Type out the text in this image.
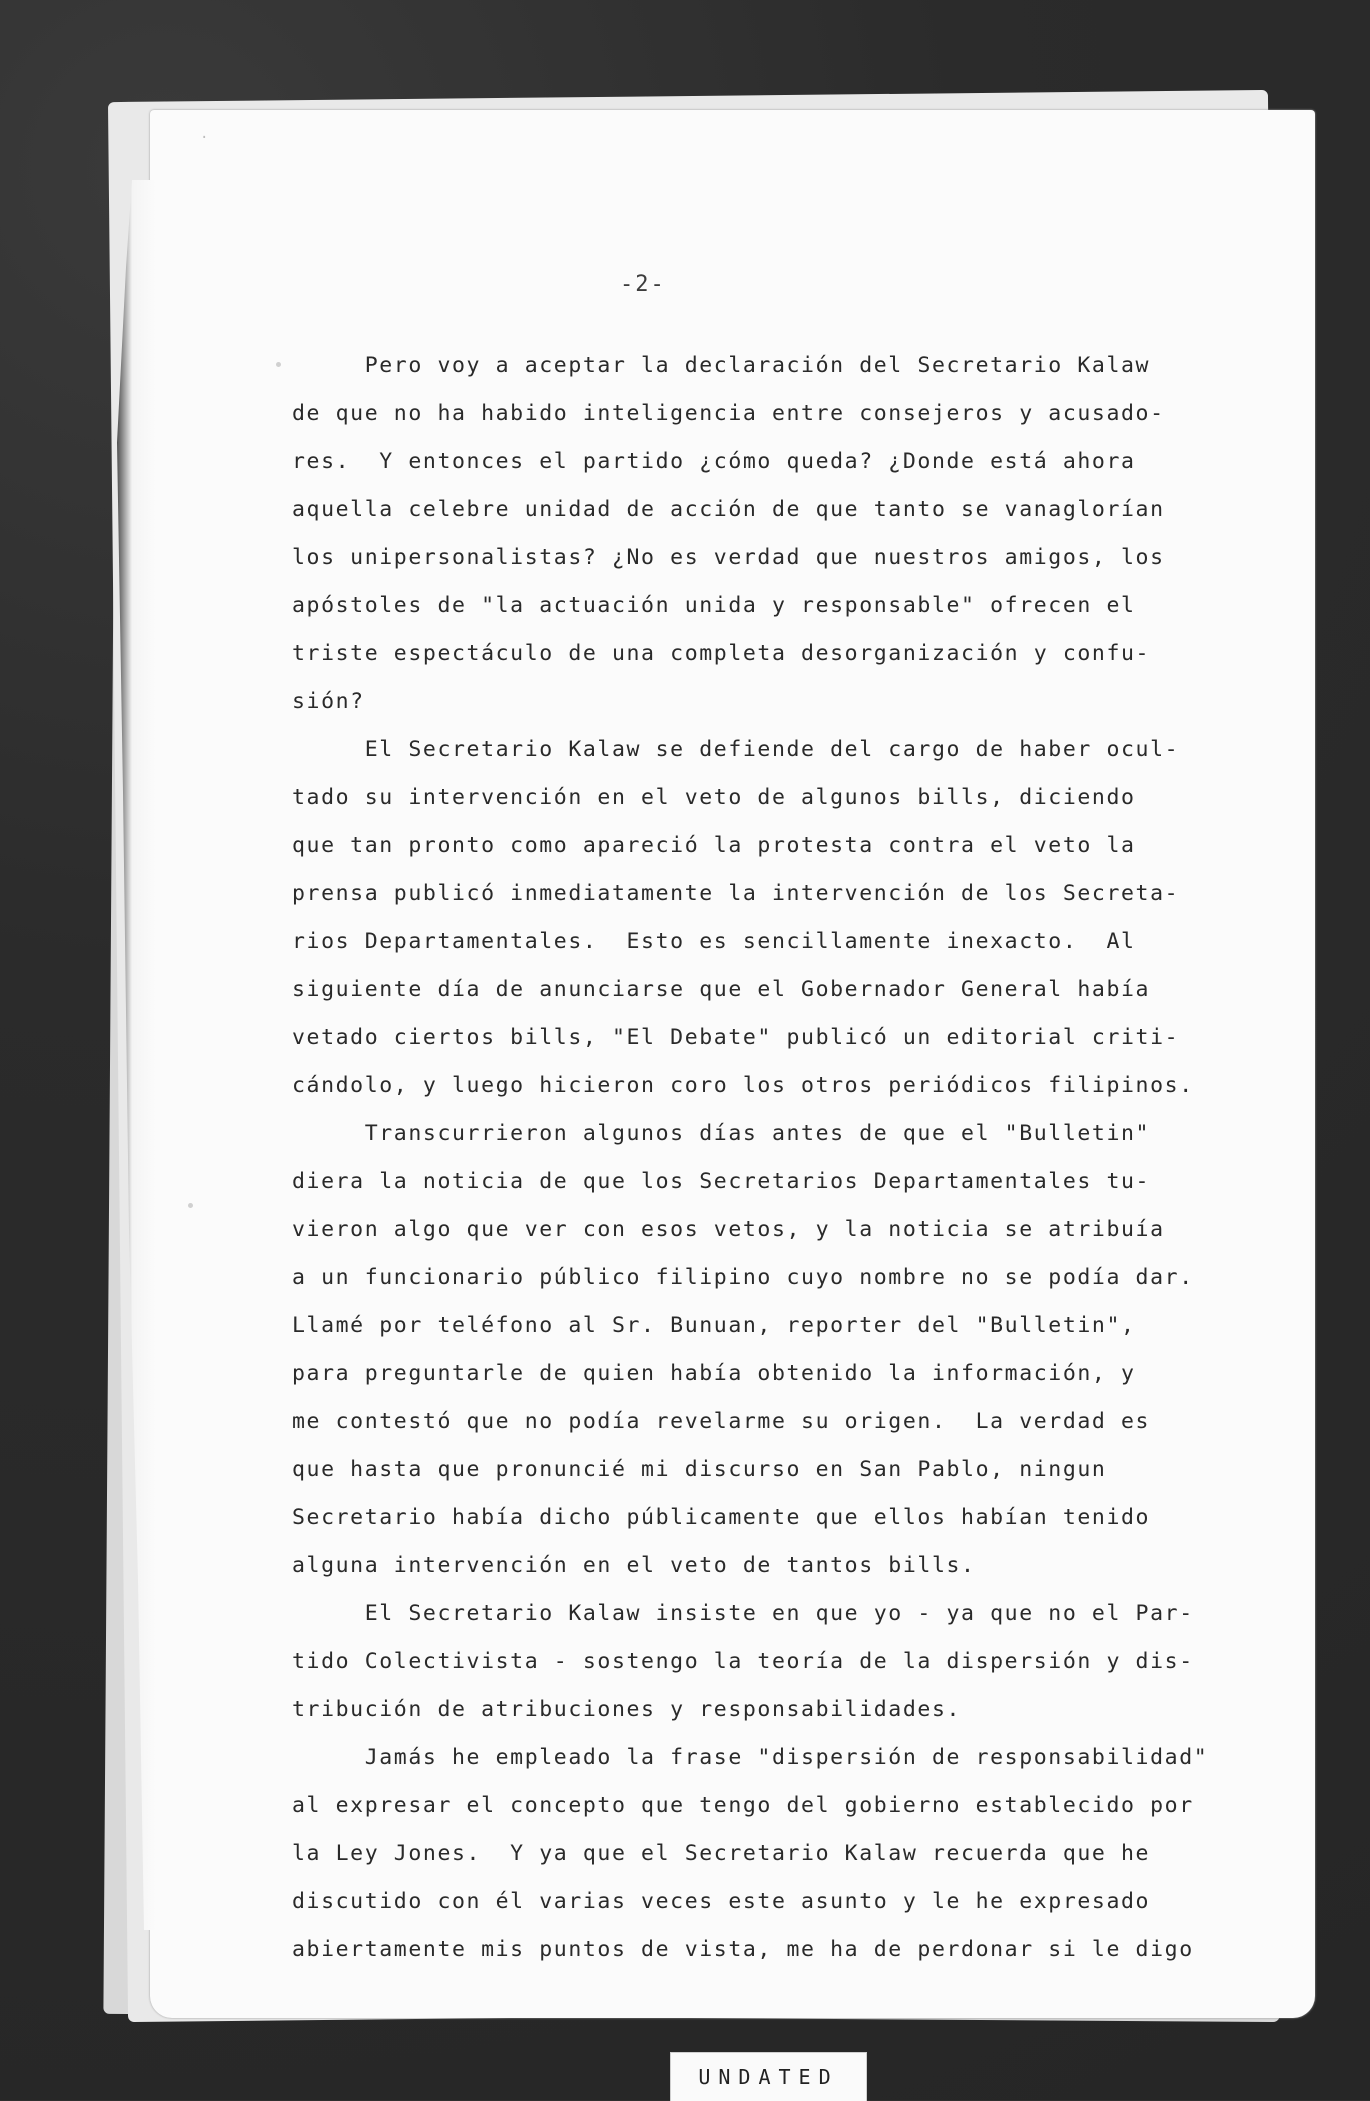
·
-2-
Pero voy a aceptar la declaración del Secretario Kalaw
de que no ha habido inteligencia entre consejeros y acusado-
res.  Y entonces el partido ¿cómo queda? ¿Donde está ahora
aquella celebre unidad de acción de que tanto se vanaglorían
los unipersonalistas? ¿No es verdad que nuestros amigos, los
apóstoles de "la actuación unida y responsable" ofrecen el
triste espectáculo de una completa desorganización y confu-
sión?
El Secretario Kalaw se defiende del cargo de haber ocul-
tado su intervención en el veto de algunos bills, diciendo
que tan pronto como apareció la protesta contra el veto la
prensa publicó inmediatamente la intervención de los Secreta-
rios Departamentales.  Esto es sencillamente inexacto.  Al
siguiente día de anunciarse que el Gobernador General había
vetado ciertos bills, "El Debate" publicó un editorial criti-
cándolo, y luego hicieron coro los otros periódicos filipinos.
Transcurrieron algunos días antes de que el "Bulletin"
diera la noticia de que los Secretarios Departamentales tu-
vieron algo que ver con esos vetos, y la noticia se atribuía
a un funcionario público filipino cuyo nombre no se podía dar.
Llamé por teléfono al Sr. Bunuan, reporter del "Bulletin",
para preguntarle de quien había obtenido la información, y
me contestó que no podía revelarme su origen.  La verdad es
que hasta que pronuncié mi discurso en San Pablo, ningun
Secretario había dicho públicamente que ellos habían tenido
alguna intervención en el veto de tantos bills.
El Secretario Kalaw insiste en que yo - ya que no el Par-
tido Colectivista - sostengo la teoría de la dispersión y dis-
tribución de atribuciones y responsabilidades.
Jamás he empleado la frase "dispersión de responsabilidad"
al expresar el concepto que tengo del gobierno establecido por
la Ley Jones.  Y ya que el Secretario Kalaw recuerda que he
discutido con él varias veces este asunto y le he expresado
abiertamente mis puntos de vista, me ha de perdonar si le digo
UNDATED
